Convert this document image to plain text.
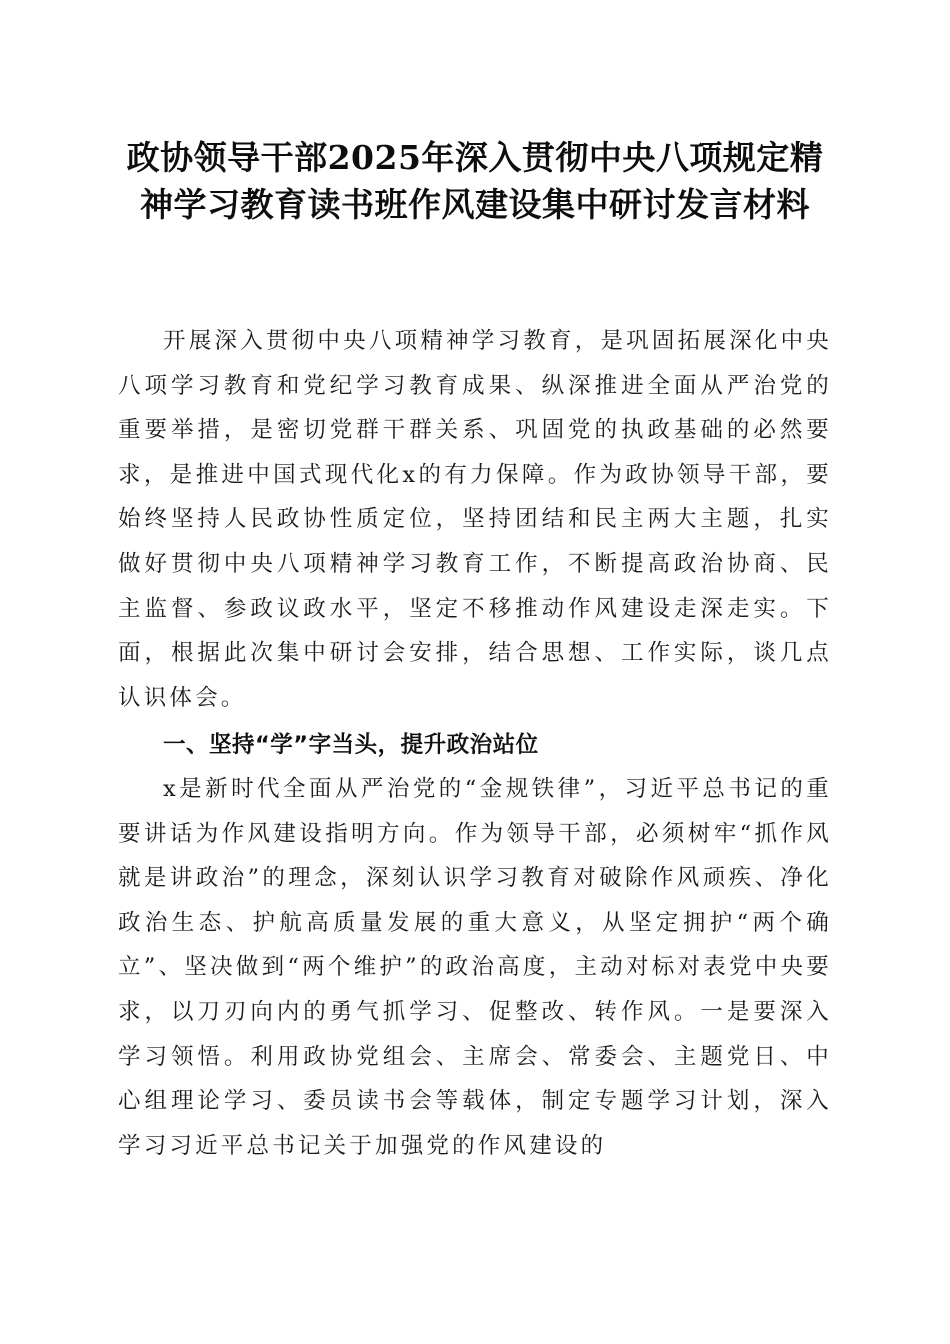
政协领导干部2025年深入贯彻中央八项规定精神学习教育读书班作风建设集中研讨发言材料

开展深入贯彻中央八项精神学习教育，是巩固拓展深化中央八项学习教育和党纪学习教育成果、纵深推进全面从严治党的重要举措，是密切党群干群关系、巩固党的执政基础的必然要求，是推进中国式现代化x的有力保障。作为政协领导干部，要始终坚持人民政协性质定位，坚持团结和民主两大主题，扎实做好贯彻中央八项精神学习教育工作，不断提高政治协商、民主监督、参政议政水平，坚定不移推动作风建设走深走实。下面，根据此次集中研讨会安排，结合思想、工作实际，谈几点认识体会。

一、坚持“学”字当头，提升政治站位

x是新时代全面从严治党的“金规铁律”，习近平总书记的重要讲话为作风建设指明方向。作为领导干部，必须树牢“抓作风就是讲政治”的理念，深刻认识学习教育对破除作风顽疾、净化政治生态、护航高质量发展的重大意义，从坚定拥护“两个确立”、坚决做到“两个维护”的政治高度，主动对标对表党中央要求，以刀刃向内的勇气抓学习、促整改、转作风。一是要深入学习领悟。利用政协党组会、主席会、常委会、主题党日、中心组理论学习、委员读书会等载体，制定专题学习计划，深入学习习近平总书记关于加强党的作风建设的
